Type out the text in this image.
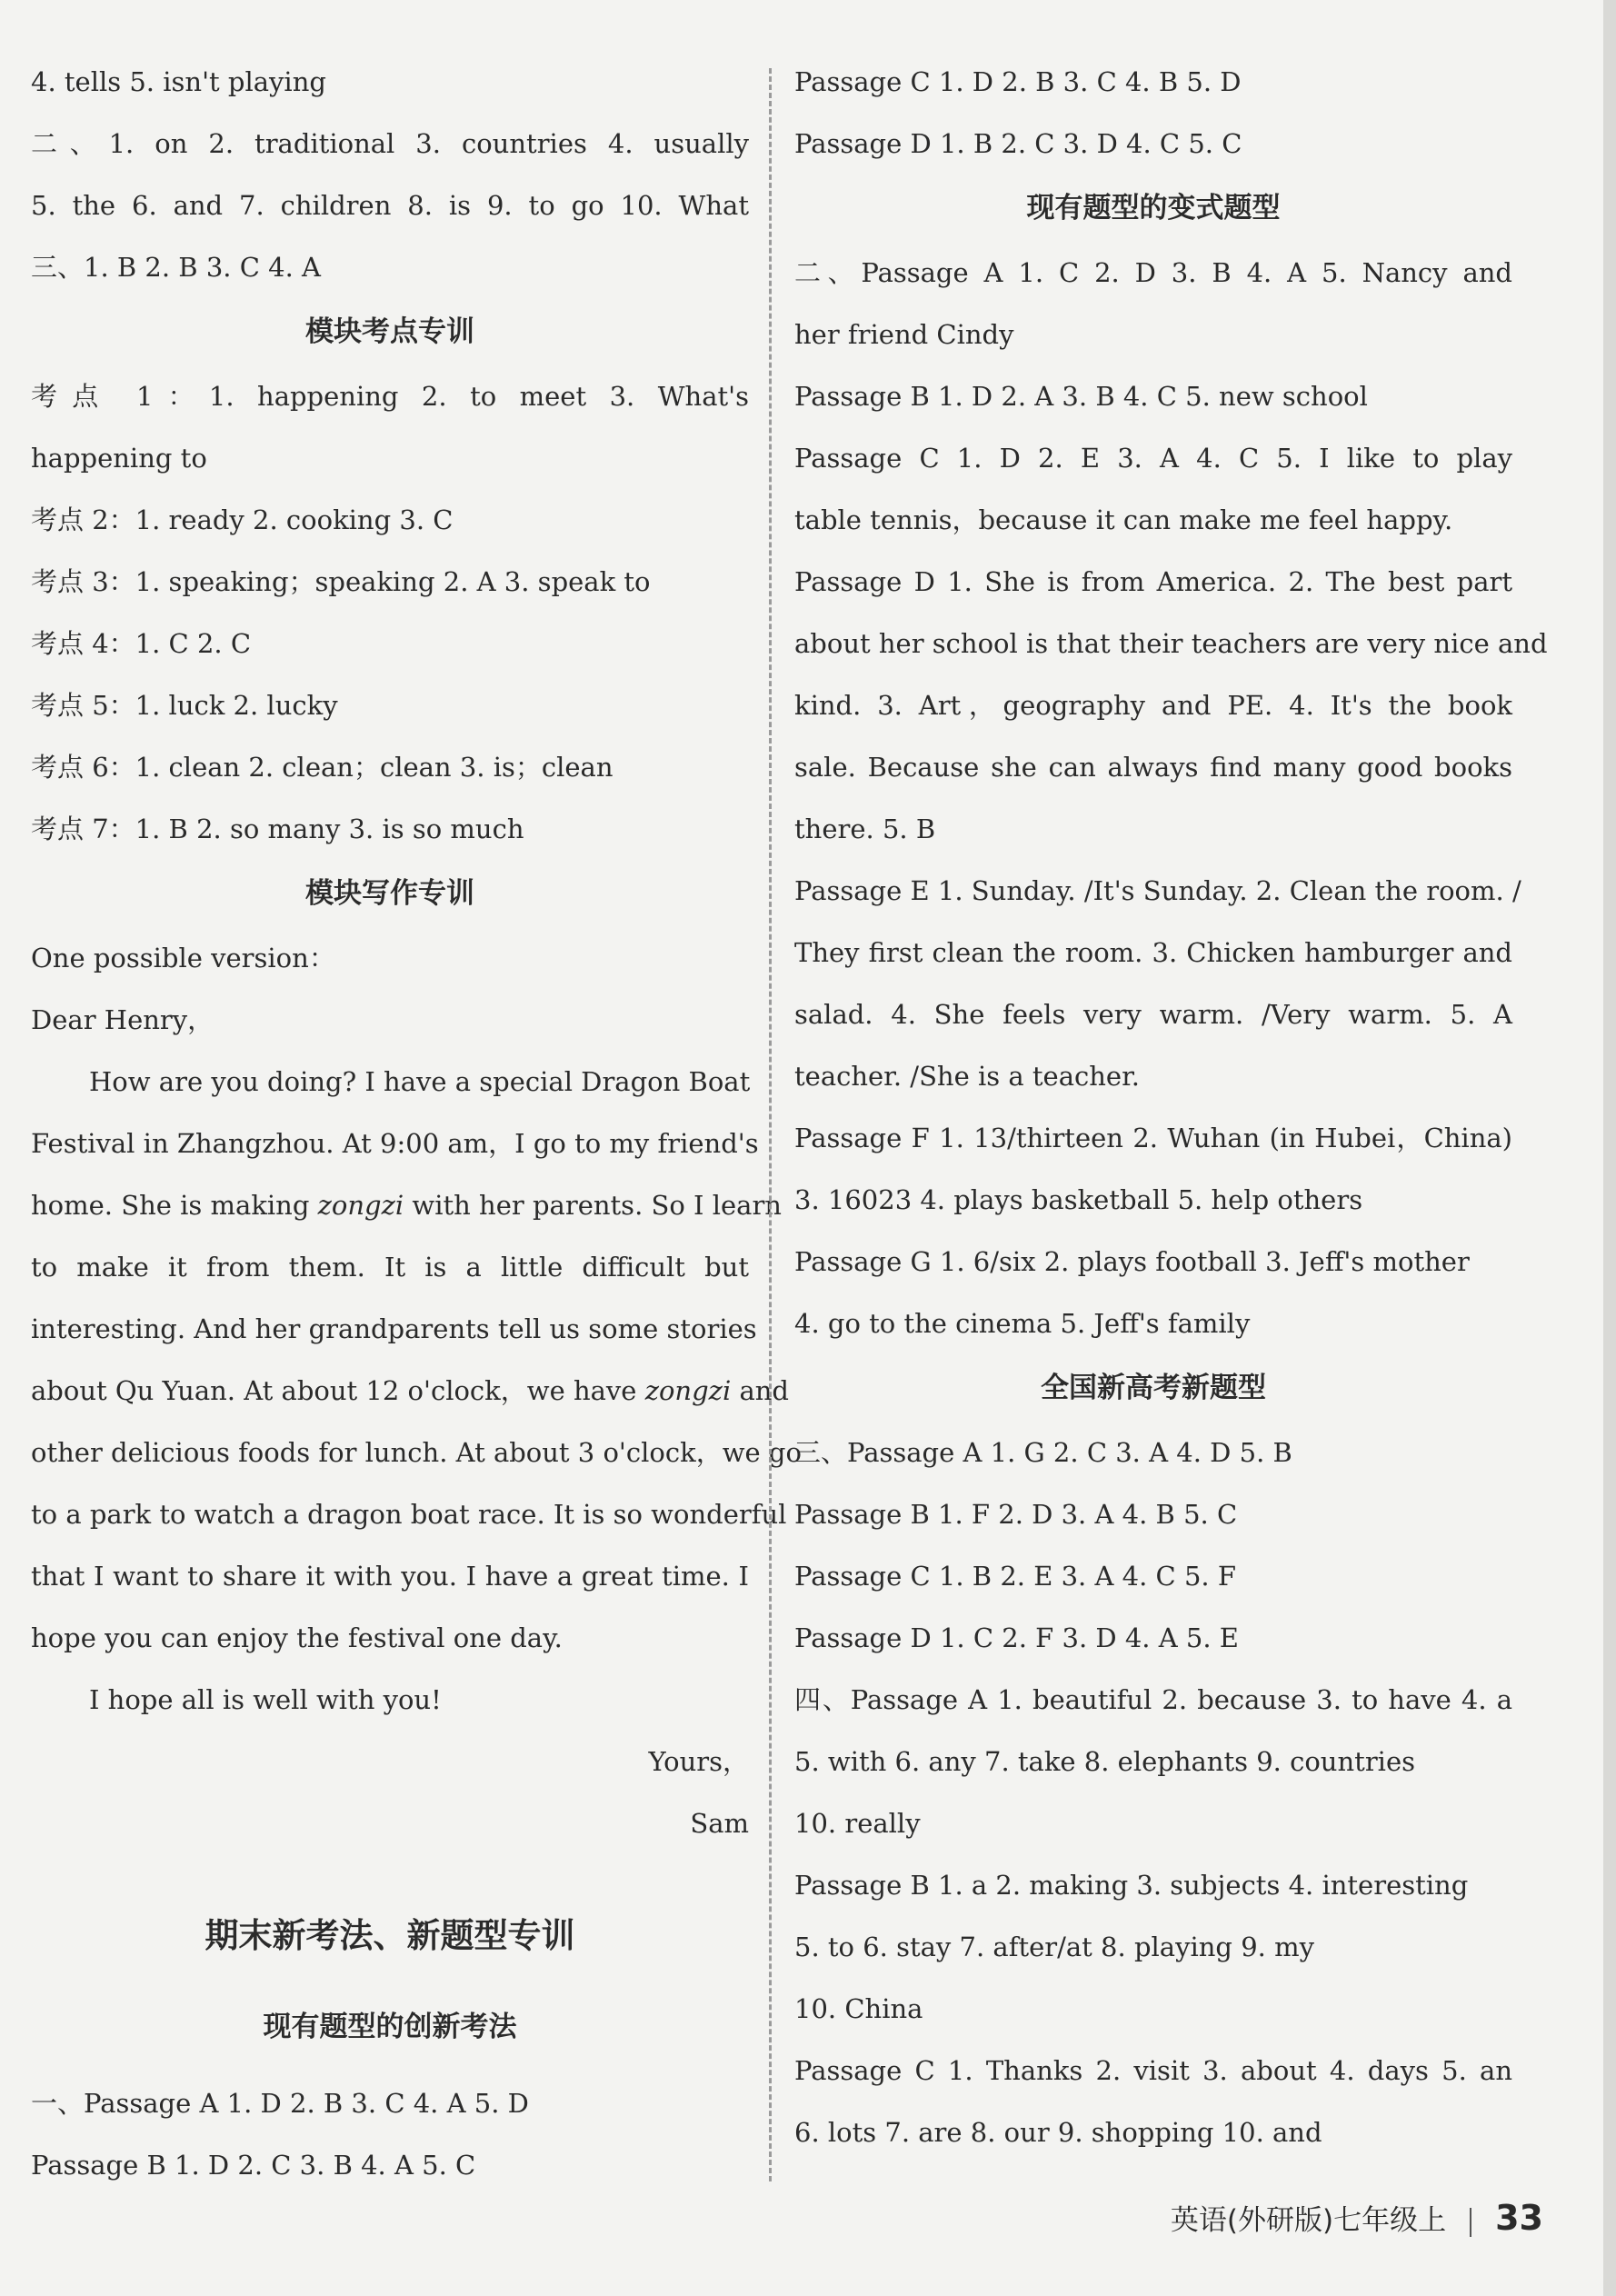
4. tells 5. isn't playing
二、1. on 2. traditional 3. countries 4. usually
5. the 6. and 7. children 8. is 9. to go 10. What
三、1. B 2. B 3. C 4. A
模块考点专训
考点 1：1. happening 2. to meet 3. What's
happening to
考点 2：1. ready 2. cooking 3. C
考点 3：1. speaking；speaking 2. A 3. speak to
考点 4：1. C 2. C
考点 5：1. luck 2. lucky
考点 6：1. clean 2. clean；clean 3. is；clean
考点 7：1. B 2. so many 3. is so much
模块写作专训
One possible version：
Dear Henry，
How are you doing? I have a special Dragon Boat
Festival in Zhangzhou. At 9:00 am，I go to my friend's
home. She is making zongzi with her parents. So I learn
to make it from them. It is a little difficult but
interesting. And her grandparents tell us some stories
about Qu Yuan. At about 12 o'clock，we have zongzi and
other delicious foods for lunch. At about 3 o'clock，we go
to a park to watch a dragon boat race. It is so wonderful
that I want to share it with you. I have a great time. I
hope you can enjoy the festival one day.
I hope all is well with you!
Yours，
Sam
期末新考法、新题型专训
现有题型的创新考法
一、Passage A 1. D 2. B 3. C 4. A 5. D
Passage B 1. D 2. C 3. B 4. A 5. C
Passage C 1. D 2. B 3. C 4. B 5. D
Passage D 1. B 2. C 3. D 4. C 5. C
现有题型的变式题型
二、Passage A 1. C 2. D 3. B 4. A 5. Nancy and
her friend Cindy
Passage B 1. D 2. A 3. B 4. C 5. new school
Passage C 1. D 2. E 3. A 4. C 5. I like to play
table tennis，because it can make me feel happy.
Passage D 1. She is from America. 2. The best part
about her school is that their teachers are very nice and
kind. 3. Art，geography and PE. 4. It's the book
sale. Because she can always find many good books
there. 5. B
Passage E 1. Sunday. /It's Sunday. 2. Clean the room. /
They first clean the room. 3. Chicken hamburger and
salad. 4. She feels very warm. /Very warm. 5. A
teacher. /She is a teacher.
Passage F 1. 13/thirteen 2. Wuhan (in Hubei，China)
3. 16023 4. plays basketball 5. help others
Passage G 1. 6/six 2. plays football 3. Jeff's mother
4. go to the cinema 5. Jeff's family
全国新高考新题型
三、Passage A 1. G 2. C 3. A 4. D 5. B
Passage B 1. F 2. D 3. A 4. B 5. C
Passage C 1. B 2. E 3. A 4. C 5. F
Passage D 1. C 2. F 3. D 4. A 5. E
四、Passage A 1. beautiful 2. because 3. to have 4. a
5. with 6. any 7. take 8. elephants 9. countries
10. really
Passage B 1. a 2. making 3. subjects 4. interesting
5. to 6. stay 7. after/at 8. playing 9. my
10. China
Passage C 1. Thanks 2. visit 3. about 4. days 5. an
6. lots 7. are 8. our 9. shopping 10. and
英语(外研版)七年级上 33
